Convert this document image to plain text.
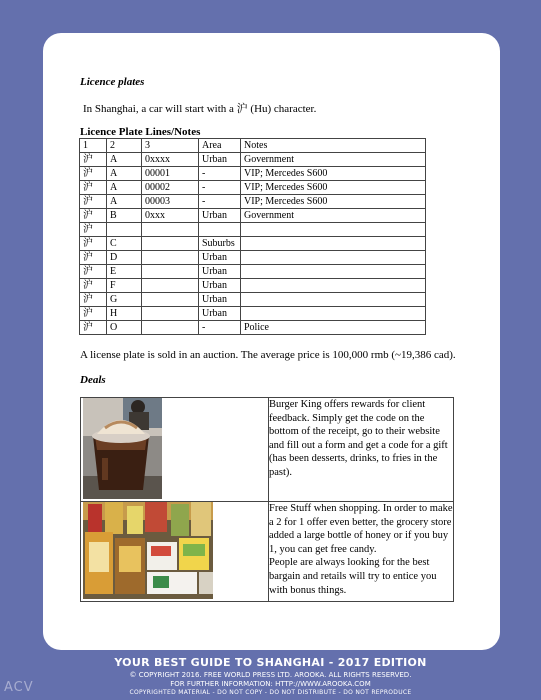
Licence plates
In Shanghai, a car will start with a 沪 (Hu) character.
Licence Plate Lines/Notes
1	2	3	Area	Notes
沪	A	0xxxx	Urban	Government
沪	A	00001	-	VIP; Mercedes S600
沪	A	00002	-	VIP; Mercedes S600
沪	A	00003	-	VIP; Mercedes S600
沪	B	0xxx	Urban	Government
沪				
沪	C		Suburbs	
沪	D		Urban	
沪	E		Urban	
沪	F		Urban	
沪	G		Urban	
沪	H		Urban	
沪	O		-	Police
A license plate is sold in an auction. The average price is 100,000 rmb (~19,386 cad).
Deals

Burger King offers rewards for client feedback. Simply get the code on the bottom of the receipt, go to their website and fill out a form and get a code for a gift (has been desserts, drinks, to fries in the past).

Free Stuff when shopping. In order to make a 2 for 1 offer even better, the grocery store added a large bottle of honey or if you buy 1, you can get free candy.

People are always looking for the best bargain and retails will try to entice you with bonus things.

YOUR BEST GUIDE TO SHANGHAI - 2017 EDITION
© COPYRIGHT 2016. FREE WORLD PRESS LTD. AROOKA. ALL RIGHTS RESERVED.
FOR FURTHER INFORMATION: HTTP://WWW.AROOKA.COM
COPYRIGHTED MATERIAL - DO NOT COPY - DO NOT DISTRIBUTE - DO NOT REPRODUCE
ACV
